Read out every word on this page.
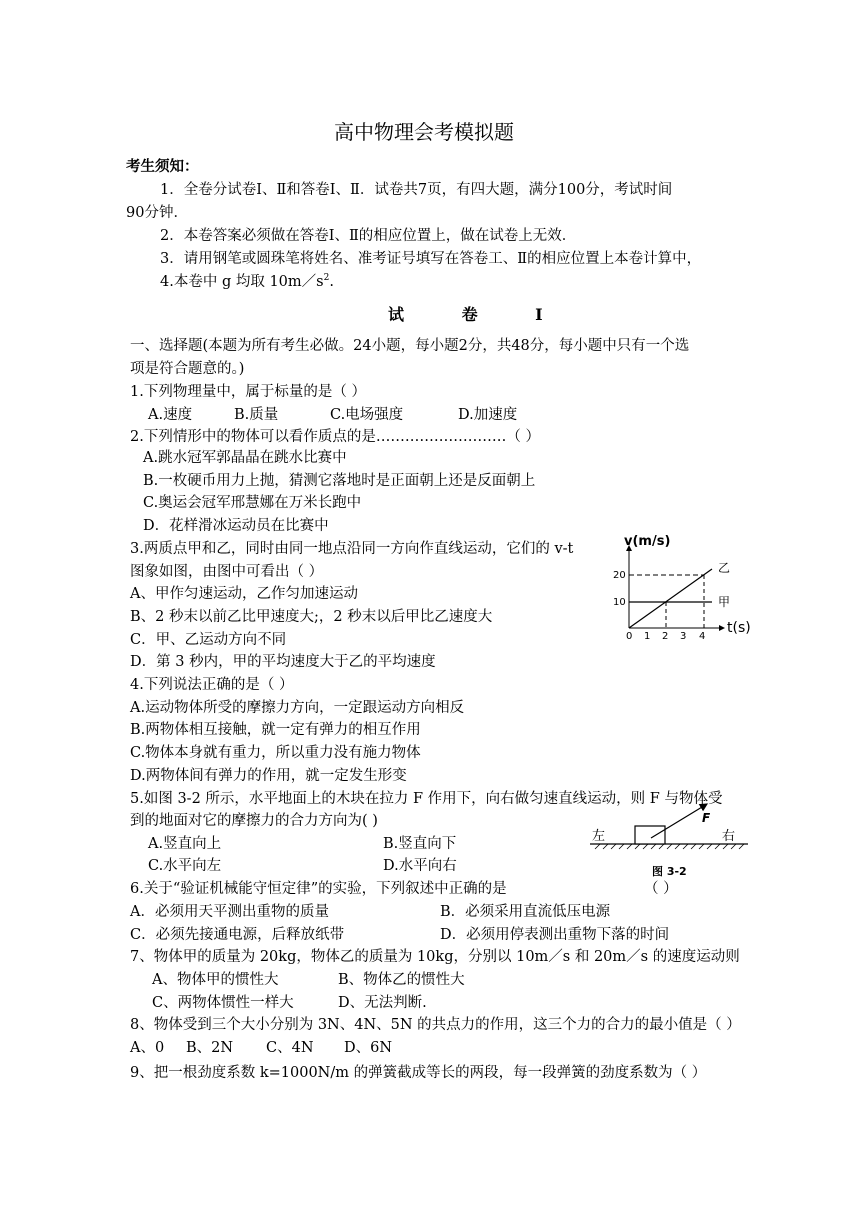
高中物理会考模拟题
考生须知：
1．全卷分试卷Ⅰ、Ⅱ和答卷Ⅰ、Ⅱ．试卷共7页，有四大题，满分100分，考试时间
90分钟．
2．本卷答案必须做在答卷Ⅰ、Ⅱ的相应位置上，做在试卷上无效．
3．请用钢笔或圆珠笔将姓名、准考证号填写在答卷工、Ⅱ的相应位置上本卷计算中，
4.本卷中 g 均取 $10m/s^2$.
试 卷 Ⅰ
一、选择题(本题为所有考生必做。24小题，每小题2分，共48分，每小题中只有一个选
项是符合题意的。)
1.下列物理量中，属于标量的是（ ）
A.速度	B.质量	C.电场强度	D.加速度
2.下列情形中的物体可以看作质点的是………………………（ ）
A.跳水冠军郭晶晶在跳水比赛中
B.一枚硬币用力上抛，猜测它落地时是正面朝上还是反面朝上
C.奥运会冠军邢慧娜在万米长跑中
D．花样滑冰运动员在比赛中
3.两质点甲和乙，同时由同一地点沿同一方向作直线运动，它们的 v-t
图象如图，由图中可看出（ ）
A、甲作匀速运动，乙作匀加速运动
B、2 秒末以前乙比甲速度大;，2 秒末以后甲比乙速度大
C．甲、乙运动方向不同
D．第 3 秒内，甲的平均速度大于乙的平均速度
v(m/s)
t(s)
20
10
0 1 2 3 4
乙
甲
4.下列说法正确的是（ ）
A.运动物体所受的摩擦力方向，一定跟运动方向相反
B.两物体相互接触，就一定有弹力的相互作用
C.物体本身就有重力，所以重力没有施力物体
D.两物体间有弹力的作用，就一定发生形变
5.如图 3-2 所示，水平地面上的木块在拉力 F 作用下，向右做匀速直线运动，则 F 与物体受
到的地面对它的摩擦力的合力方向为( )
A.竖直向上	B.竖直向下
C.水平向左	D.水平向右
F
左	右
图 3-2
6.关于“验证机械能守恒定律”的实验，下列叙述中正确的是	（ ）
A．必须用天平测出重物的质量	B．必须采用直流低压电源
C．必须先接通电源，后释放纸带	D．必须用停表测出重物下落的时间
7、物体甲的质量为 20kg，物体乙的质量为 10kg，分别以 10m／s 和 20m／s 的速度运动则
A、物体甲的惯性大	B、物体乙的惯性大
C、两物体惯性一样大	D、无法判断.
8、物体受到三个大小分别为 3N、4N、5N 的共点力的作用，这三个力的合力的最小值是（ ）
A、0 B、2N C、4N D、6N
9、把一根劲度系数 k=1000N/m 的弹簧截成等长的两段，每一段弹簧的劲度系数为（ ）
